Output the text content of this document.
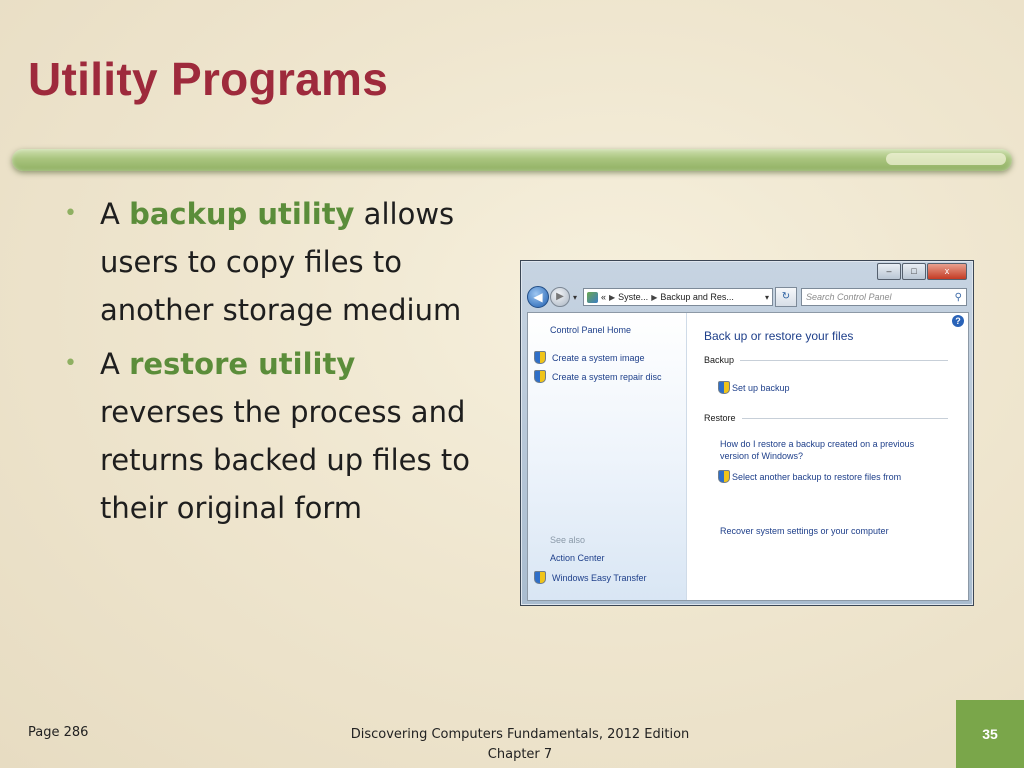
Utility Programs
• A backup utility allows users to copy files to another storage medium
• A restore utility reverses the process and returns backed up files to their original form
–	□	x
◀	▶	▾	« ▶ Syste... ▶ Backup and Res...	▾	↻	Search Control Panel	⚲
Control Panel Home
Create a system image
Create a system repair disc
See also
Action Center
Windows Easy Transfer
?
Back up or restore your files
Backup
Set up backup
Restore
How do I restore a backup created on a previous version of Windows?
Select another backup to restore files from
Recover system settings or your computer
Page 286	Discovering Computers Fundamentals, 2012 Edition
Chapter 7
35
